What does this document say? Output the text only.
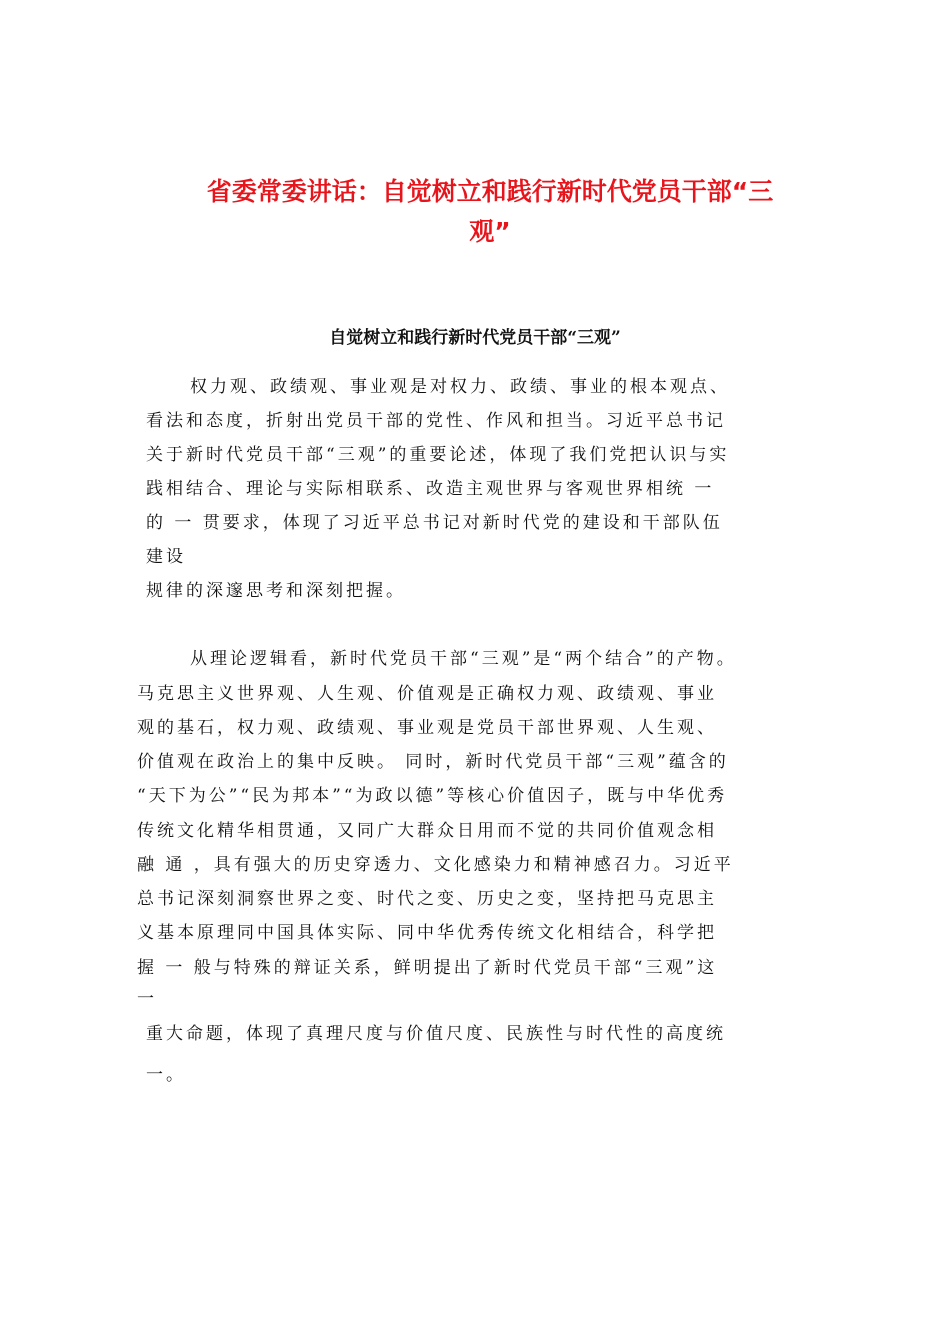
省委常委讲话：自觉树立和践行新时代党员干部“三
观”
自觉树立和践行新时代党员干部“三观”
权力观、政绩观、事业观是对权力、政绩、事业的根本观点、
看法和态度，折射出党员干部的党性、作风和担当。习近平总书记
关于新时代党员干部“三观”的重要论述，体现了我们党把认识与实
践相结合、理论与实际相联系、改造主观世界与客观世界相统 一
的 一 贯要求，体现了习近平总书记对新时代党的建设和干部队伍
建设
规律的深邃思考和深刻把握。
从理论逻辑看，新时代党员干部“三观”是“两个结合”的产物。
马克思主义世界观、人生观、价值观是正确权力观、政绩观、事业
观的基石，权力观、政绩观、事业观是党员干部世界观、人生观、
价值观在政治上的集中反映。 同时，新时代党员干部“三观”蕴含的
“天下为公”“民为邦本”“为政以德”等核心价值因子，既与中华优秀
传统文化精华相贯通，又同广大群众日用而不觉的共同价值观念相
融 通 ，具有强大的历史穿透力、文化感染力和精神感召力。习近平
总书记深刻洞察世界之变、时代之变、历史之变，坚持把马克思主
义基本原理同中国具体实际、同中华优秀传统文化相结合，科学把
握 一 般与特殊的辩证关系，鲜明提出了新时代党员干部“三观”这
一
重大命题，体现了真理尺度与价值尺度、民族性与时代性的高度统
一。
